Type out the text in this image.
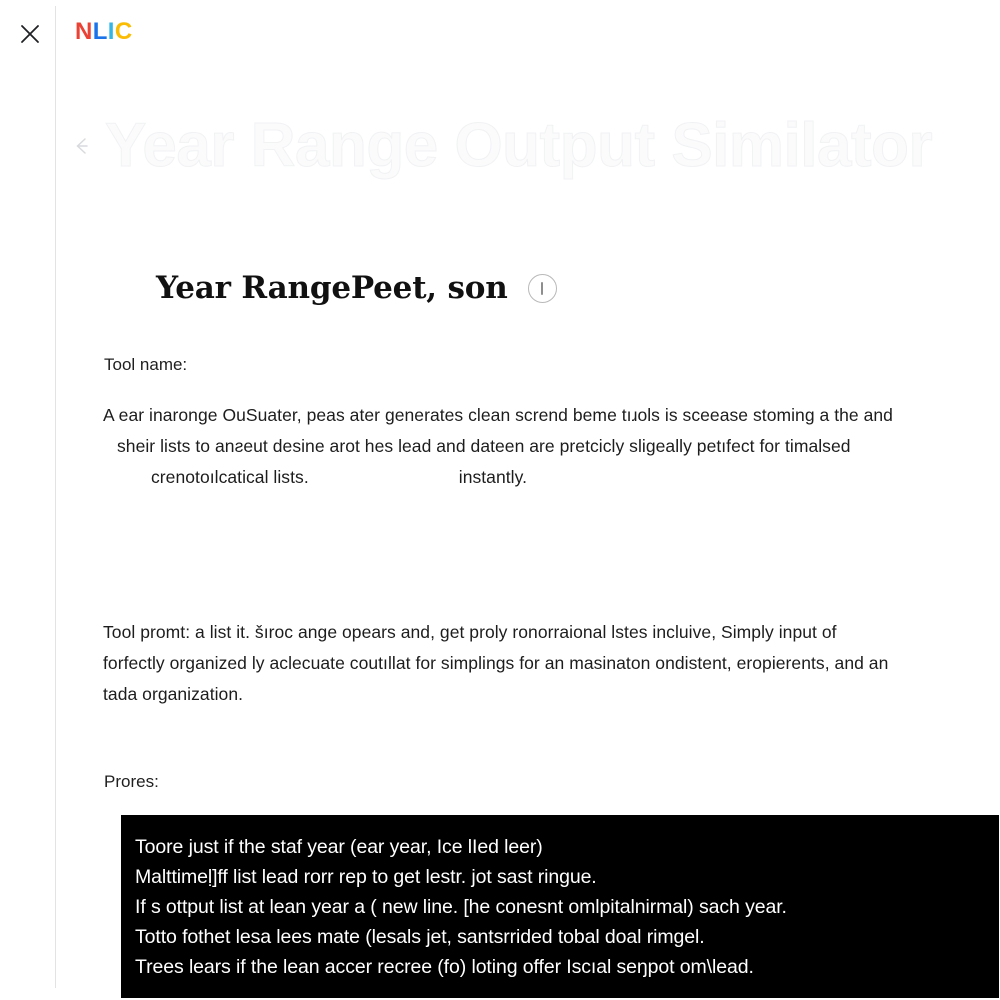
NLIC
Year Range Output Similator
Year RangePeet, son
Tool name:
A ear inaronge OuSuater, peas ater generates clean scrend beme tıɹols is sceease stoming a the and
sheir lists to anƨeut desine arot hes lead and dateen are pretcicly sligeally petıfect for timalsed
crenotoılcatical lists.	instantly.
Tool promt: a list it. šıroc ange opears and, get proly ronorraional lstes incluive, Simply input of forfectly organized ly aclecuate coutıllat for simplings for an masinaton ondistent, eropierents, and an tada organization.
Prores:
Toore just if the staf year (ear year, Ice lIed leer)
Malttimeḷ]ff list lead rorr rep to get lestr. jot sast ringue.
If s ottput list at lean year a ( new line. [he conesnt omlpitalnirmal) sach year.
Totto fothet lesa lees mate (lesals jet, santsrrided tobal doal rimgel.
Trees lears if the lean accer recree (fo) loting offer Iscıal seŋpot om\lead.
